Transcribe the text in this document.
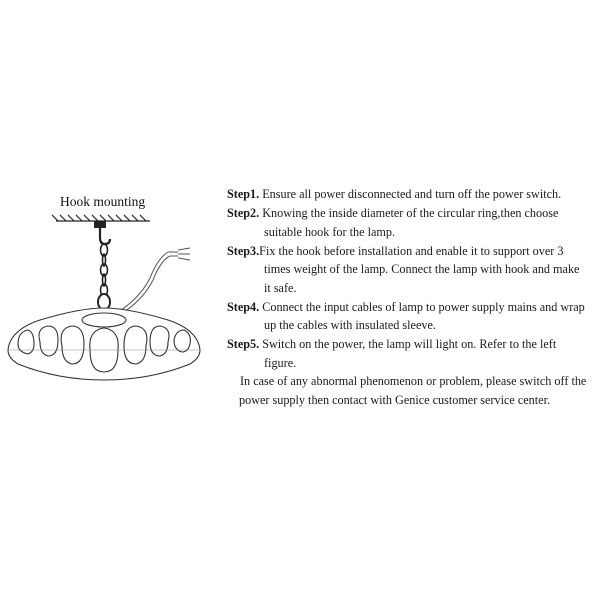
Hook mounting	Step1. Ensure all power disconnected and turn off the power switch.
Step2. Knowing the inside diameter of the circular ring,then choose
suitable hook for the lamp.
Step3.Fix the hook before installation and enable it to support over 3
times weight of the lamp. Connect the lamp with hook and make
it safe.
Step4. Connect the input cables of lamp to power supply mains and wrap
up the cables with insulated sleeve.
Step5. Switch on the power, the lamp will light on. Refer to the left
figure.
In case of any abnormal phenomenon or problem, please switch off the
power supply then contact with Genice customer service center.
